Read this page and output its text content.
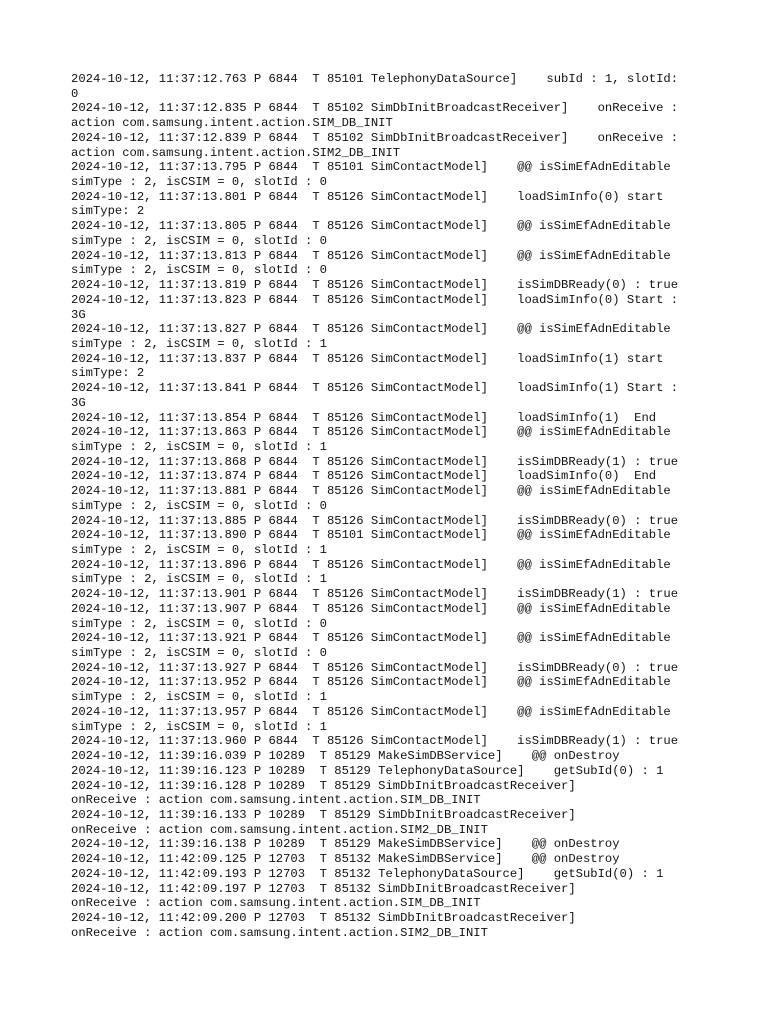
2024-10-12, 11:37:12.763 P 6844  T 85101 TelephonyDataSource]    subId : 1, slotId:
0
2024-10-12, 11:37:12.835 P 6844  T 85102 SimDbInitBroadcastReceiver]    onReceive :
action com.samsung.intent.action.SIM_DB_INIT
2024-10-12, 11:37:12.839 P 6844  T 85102 SimDbInitBroadcastReceiver]    onReceive :
action com.samsung.intent.action.SIM2_DB_INIT
2024-10-12, 11:37:13.795 P 6844  T 85101 SimContactModel]    @@ isSimEfAdnEditable
simType : 2, isCSIM = 0, slotId : 0
2024-10-12, 11:37:13.801 P 6844  T 85126 SimContactModel]    loadSimInfo(0) start
simType: 2
2024-10-12, 11:37:13.805 P 6844  T 85126 SimContactModel]    @@ isSimEfAdnEditable
simType : 2, isCSIM = 0, slotId : 0
2024-10-12, 11:37:13.813 P 6844  T 85126 SimContactModel]    @@ isSimEfAdnEditable
simType : 2, isCSIM = 0, slotId : 0
2024-10-12, 11:37:13.819 P 6844  T 85126 SimContactModel]    isSimDBReady(0) : true
2024-10-12, 11:37:13.823 P 6844  T 85126 SimContactModel]    loadSimInfo(0) Start :
3G
2024-10-12, 11:37:13.827 P 6844  T 85126 SimContactModel]    @@ isSimEfAdnEditable
simType : 2, isCSIM = 0, slotId : 1
2024-10-12, 11:37:13.837 P 6844  T 85126 SimContactModel]    loadSimInfo(1) start
simType: 2
2024-10-12, 11:37:13.841 P 6844  T 85126 SimContactModel]    loadSimInfo(1) Start :
3G
2024-10-12, 11:37:13.854 P 6844  T 85126 SimContactModel]    loadSimInfo(1)  End
2024-10-12, 11:37:13.863 P 6844  T 85126 SimContactModel]    @@ isSimEfAdnEditable
simType : 2, isCSIM = 0, slotId : 1
2024-10-12, 11:37:13.868 P 6844  T 85126 SimContactModel]    isSimDBReady(1) : true
2024-10-12, 11:37:13.874 P 6844  T 85126 SimContactModel]    loadSimInfo(0)  End
2024-10-12, 11:37:13.881 P 6844  T 85126 SimContactModel]    @@ isSimEfAdnEditable
simType : 2, isCSIM = 0, slotId : 0
2024-10-12, 11:37:13.885 P 6844  T 85126 SimContactModel]    isSimDBReady(0) : true
2024-10-12, 11:37:13.890 P 6844  T 85101 SimContactModel]    @@ isSimEfAdnEditable
simType : 2, isCSIM = 0, slotId : 1
2024-10-12, 11:37:13.896 P 6844  T 85126 SimContactModel]    @@ isSimEfAdnEditable
simType : 2, isCSIM = 0, slotId : 1
2024-10-12, 11:37:13.901 P 6844  T 85126 SimContactModel]    isSimDBReady(1) : true
2024-10-12, 11:37:13.907 P 6844  T 85126 SimContactModel]    @@ isSimEfAdnEditable
simType : 2, isCSIM = 0, slotId : 0
2024-10-12, 11:37:13.921 P 6844  T 85126 SimContactModel]    @@ isSimEfAdnEditable
simType : 2, isCSIM = 0, slotId : 0
2024-10-12, 11:37:13.927 P 6844  T 85126 SimContactModel]    isSimDBReady(0) : true
2024-10-12, 11:37:13.952 P 6844  T 85126 SimContactModel]    @@ isSimEfAdnEditable
simType : 2, isCSIM = 0, slotId : 1
2024-10-12, 11:37:13.957 P 6844  T 85126 SimContactModel]    @@ isSimEfAdnEditable
simType : 2, isCSIM = 0, slotId : 1
2024-10-12, 11:37:13.960 P 6844  T 85126 SimContactModel]    isSimDBReady(1) : true
2024-10-12, 11:39:16.039 P 10289  T 85129 MakeSimDBService]    @@ onDestroy
2024-10-12, 11:39:16.123 P 10289  T 85129 TelephonyDataSource]    getSubId(0) : 1
2024-10-12, 11:39:16.128 P 10289  T 85129 SimDbInitBroadcastReceiver]
onReceive : action com.samsung.intent.action.SIM_DB_INIT
2024-10-12, 11:39:16.133 P 10289  T 85129 SimDbInitBroadcastReceiver]
onReceive : action com.samsung.intent.action.SIM2_DB_INIT
2024-10-12, 11:39:16.138 P 10289  T 85129 MakeSimDBService]    @@ onDestroy
2024-10-12, 11:42:09.125 P 12703  T 85132 MakeSimDBService]    @@ onDestroy
2024-10-12, 11:42:09.193 P 12703  T 85132 TelephonyDataSource]    getSubId(0) : 1
2024-10-12, 11:42:09.197 P 12703  T 85132 SimDbInitBroadcastReceiver]
onReceive : action com.samsung.intent.action.SIM_DB_INIT
2024-10-12, 11:42:09.200 P 12703  T 85132 SimDbInitBroadcastReceiver]
onReceive : action com.samsung.intent.action.SIM2_DB_INIT
